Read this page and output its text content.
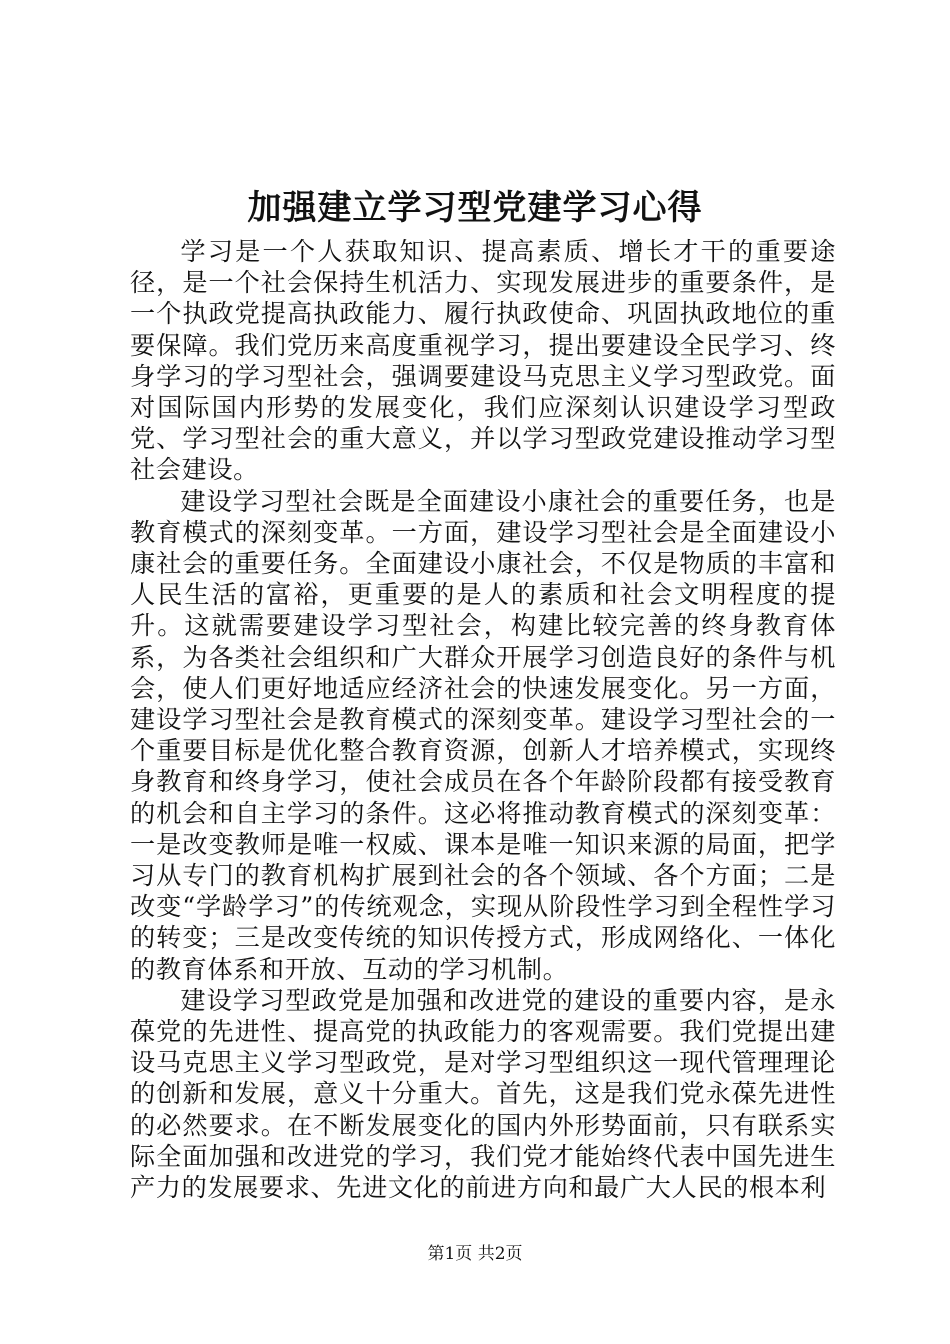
加强建立学习型党建学习心得

学习是一个人获取知识、提高素质、增长才干的重要途径，是一个社会保持生机活力、实现发展进步的重要条件，是一个执政党提高执政能力、履行执政使命、巩固执政地位的重要保障。我们党历来高度重视学习，提出要建设全民学习、终身学习的学习型社会，强调要建设马克思主义学习型政党。面对国际国内形势的发展变化，我们应深刻认识建设学习型政党、学习型社会的重大意义，并以学习型政党建设推动学习型社会建设。

建设学习型社会既是全面建设小康社会的重要任务，也是教育模式的深刻变革。一方面，建设学习型社会是全面建设小康社会的重要任务。全面建设小康社会，不仅是物质的丰富和人民生活的富裕，更重要的是人的素质和社会文明程度的提升。这就需要建设学习型社会，构建比较完善的终身教育体系，为各类社会组织和广大群众开展学习创造良好的条件与机会，使人们更好地适应经济社会的快速发展变化。另一方面，建设学习型社会是教育模式的深刻变革。建设学习型社会的一个重要目标是优化整合教育资源，创新人才培养模式，实现终身教育和终身学习，使社会成员在各个年龄阶段都有接受教育的机会和自主学习的条件。这必将推动教育模式的深刻变革：一是改变教师是唯一权威、课本是唯一知识来源的局面，把学习从专门的教育机构扩展到社会的各个领域、各个方面；二是改变“学龄学习”的传统观念，实现从阶段性学习到全程性学习的转变；三是改变传统的知识传授方式，形成网络化、一体化的教育体系和开放、互动的学习机制。

建设学习型政党是加强和改进党的建设的重要内容，是永葆党的先进性、提高党的执政能力的客观需要。我们党提出建设马克思主义学习型政党，是对学习型组织这一现代管理理论的创新和发展，意义十分重大。首先，这是我们党永葆先进性的必然要求。在不断发展变化的国内外形势面前，只有联系实际全面加强和改进党的学习，我们党才能始终代表中国先进生产力的发展要求、先进文化的前进方向和最广大人民的根本利

第1页 共2页
